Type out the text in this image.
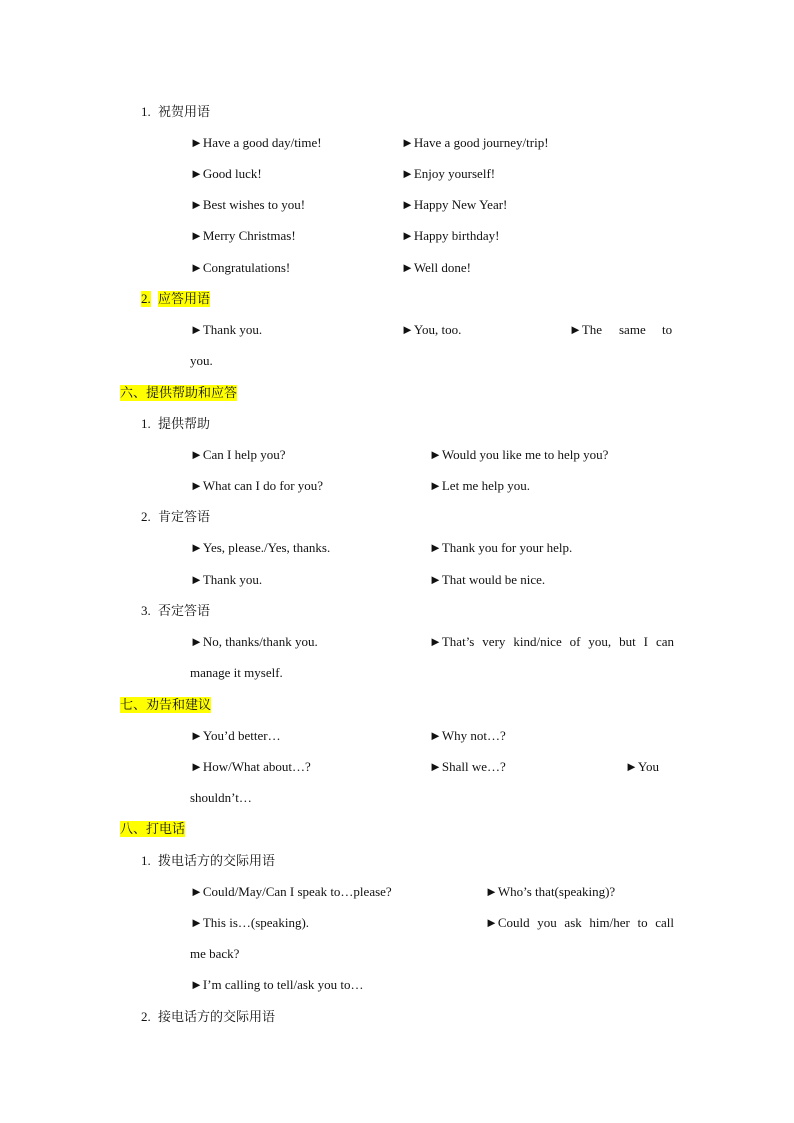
1. 祝贺用语
►Have a good day/time!	►Have a good journey/trip!
►Good luck!	►Enjoy yourself!
►Best wishes to you!	►Happy New Year!
►Merry Christmas!	►Happy birthday!
►Congratulations!	►Well done!
2. 应答用语
►Thank you.	►You, too.	►The same to
you.
六、提供帮助和应答
1. 提供帮助
►Can I help you?	►Would you like me to help you?
►What can I do for you?	►Let me help you.
2. 肯定答语
►Yes, please./Yes, thanks.	►Thank you for your help.
►Thank you.	►That would be nice.
3. 否定答语
►No, thanks/thank you.	►That’s very kind/nice of you, but I can
manage it myself.
七、劝告和建议
►You’d better…	►Why not…?
►How/What about…?	►Shall we…?	►You
shouldn’t…
八、打电话
1. 拨电话方的交际用语
►Could/May/Can I speak to…please?	►Who’s that(speaking)?
►This is…(speaking).	►Could you ask him/her to call
me back?
►I’m calling to tell/ask you to…
2. 接电话方的交际用语
